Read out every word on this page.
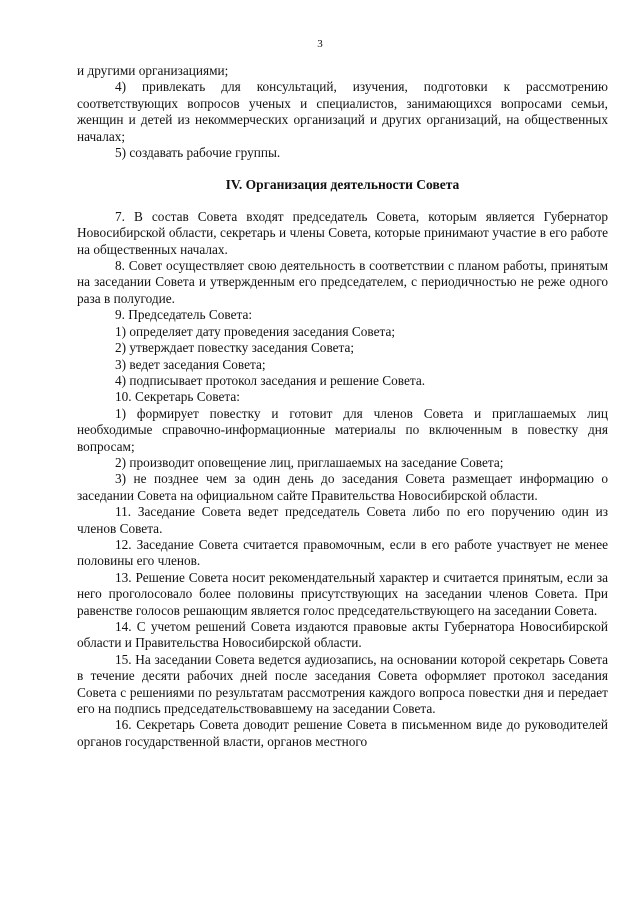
3

и другими организациями;

4) привлекать для консультаций, изучения, подготовки к рассмотрению соответствующих вопросов ученых и специалистов, занимающихся вопросами семьи, женщин и детей из некоммерческих организаций и других организаций, на общественных началах;

5) создавать рабочие группы.

IV. Организация деятельности Совета

7. В состав Совета входят председатель Совета, которым является Губернатор Новосибирской области, секретарь и члены Совета, которые принимают участие в его работе на общественных началах.

8. Совет осуществляет свою деятельность в соответствии с планом работы, принятым на заседании Совета и утвержденным его председателем, с периодичностью не реже одного раза в полугодие.

9. Председатель Совета:

1) определяет дату проведения заседания Совета;

2) утверждает повестку заседания Совета;

3) ведет заседания Совета;

4) подписывает протокол заседания и решение Совета.

10. Секретарь Совета:

1) формирует повестку и готовит для членов Совета и приглашаемых лиц необходимые справочно-информационные материалы по включенным в повестку дня вопросам;

2) производит оповещение лиц, приглашаемых на заседание Совета;

3) не позднее чем за один день до заседания Совета размещает информацию о заседании Совета на официальном сайте Правительства Новосибирской области.

11. Заседание Совета ведет председатель Совета либо по его поручению один из членов Совета.

12. Заседание Совета считается правомочным, если в его работе участвует не менее половины его членов.

13. Решение Совета носит рекомендательный характер и считается принятым, если за него проголосовало более половины присутствующих на заседании членов Совета. При равенстве голосов решающим является голос председательствующего на заседании Совета.

14. С учетом решений Совета издаются правовые акты Губернатора Новосибирской области и Правительства Новосибирской области.

15. На заседании Совета ведется аудиозапись, на основании которой секретарь Совета в течение десяти рабочих дней после заседания Совета оформляет протокол заседания Совета с решениями по результатам рассмотрения каждого вопроса повестки дня и передает его на подпись председательствовавшему на заседании Совета.

16. Секретарь Совета доводит решение Совета в письменном виде до руководителей органов государственной власти, органов местного
